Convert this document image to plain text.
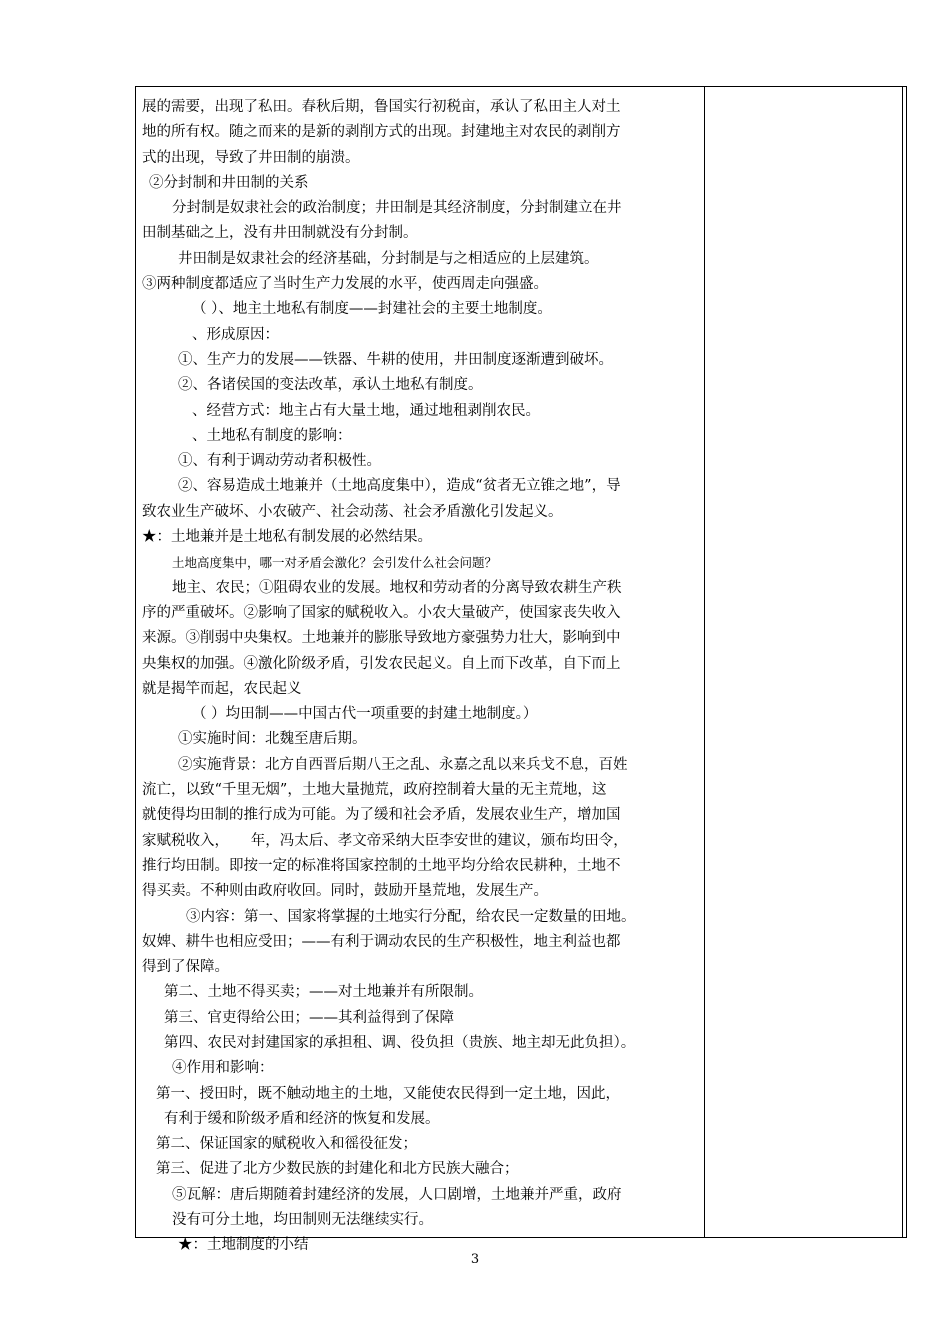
展的需要，出现了私田。春秋后期，鲁国实行初税亩，承认了私田主人对土
地的所有权。随之而来的是新的剥削方式的出现。封建地主对农民的剥削方
式的出现，导致了井田制的崩溃。
②分封制和井田制的关系
分封制是奴隶社会的政治制度；井田制是其经济制度，分封制建立在井
田制基础之上，没有井田制就没有分封制。
井田制是奴隶社会的经济基础，分封制是与之相适应的上层建筑。
③两种制度都适应了当时生产力发展的水平，使西周走向强盛。
（ ）、地主土地私有制度——封建社会的主要土地制度。
、形成原因：
①、生产力的发展——铁器、牛耕的使用，井田制度逐渐遭到破坏。
②、各诸侯国的变法改革，承认土地私有制度。
、经营方式：地主占有大量土地，通过地租剥削农民。
、土地私有制度的影响：
①、有利于调动劳动者积极性。
②、容易造成土地兼并（土地高度集中），造成“贫者无立锥之地”，导
致农业生产破坏、小农破产、社会动荡、社会矛盾激化引发起义。
★：土地兼并是土地私有制发展的必然结果。
土地高度集中，哪一对矛盾会激化？会引发什么社会问题？
地主、农民；①阻碍农业的发展。地权和劳动者的分离导致农耕生产秩
序的严重破坏。②影响了国家的赋税收入。小农大量破产，使国家丧失收入
来源。③削弱中央集权。土地兼并的膨胀导致地方豪强势力壮大，影响到中
央集权的加强。④激化阶级矛盾，引发农民起义。自上而下改革，自下而上
就是揭竿而起，农民起义
（ ）均田制——中国古代一项重要的封建土地制度。）
①实施时间：北魏至唐后期。
②实施背景：北方自西晋后期八王之乱、永嘉之乱以来兵戈不息，百姓
流亡，以致“千里无烟”，土地大量抛荒，政府控制着大量的无主荒地，这
就使得均田制的推行成为可能。为了缓和社会矛盾，发展农业生产，增加国
家赋税收入，　　年，冯太后、孝文帝采纳大臣李安世的建议，颁布均田令，
推行均田制。即按一定的标准将国家控制的土地平均分给农民耕种，土地不
得买卖。不种则由政府收回。同时，鼓励开垦荒地，发展生产。
③内容：第一、国家将掌握的土地实行分配，给农民一定数量的田地。
奴婢、耕牛也相应受田；——有利于调动农民的生产积极性，地主利益也都
得到了保障。
第二、土地不得买卖；——对土地兼并有所限制。
第三、官吏得给公田；——其利益得到了保障
第四、农民对封建国家的承担租、调、役负担（贵族、地主却无此负担）。
④作用和影响：
第一、授田时，既不触动地主的土地，又能使农民得到一定土地，因此，
有利于缓和阶级矛盾和经济的恢复和发展。
第二、保证国家的赋税收入和徭役征发；
第三、促进了北方少数民族的封建化和北方民族大融合；
⑤瓦解：唐后期随着封建经济的发展，人口剧增，土地兼并严重，政府
没有可分土地，均田制则无法继续实行。
★：土地制度的小结
3
